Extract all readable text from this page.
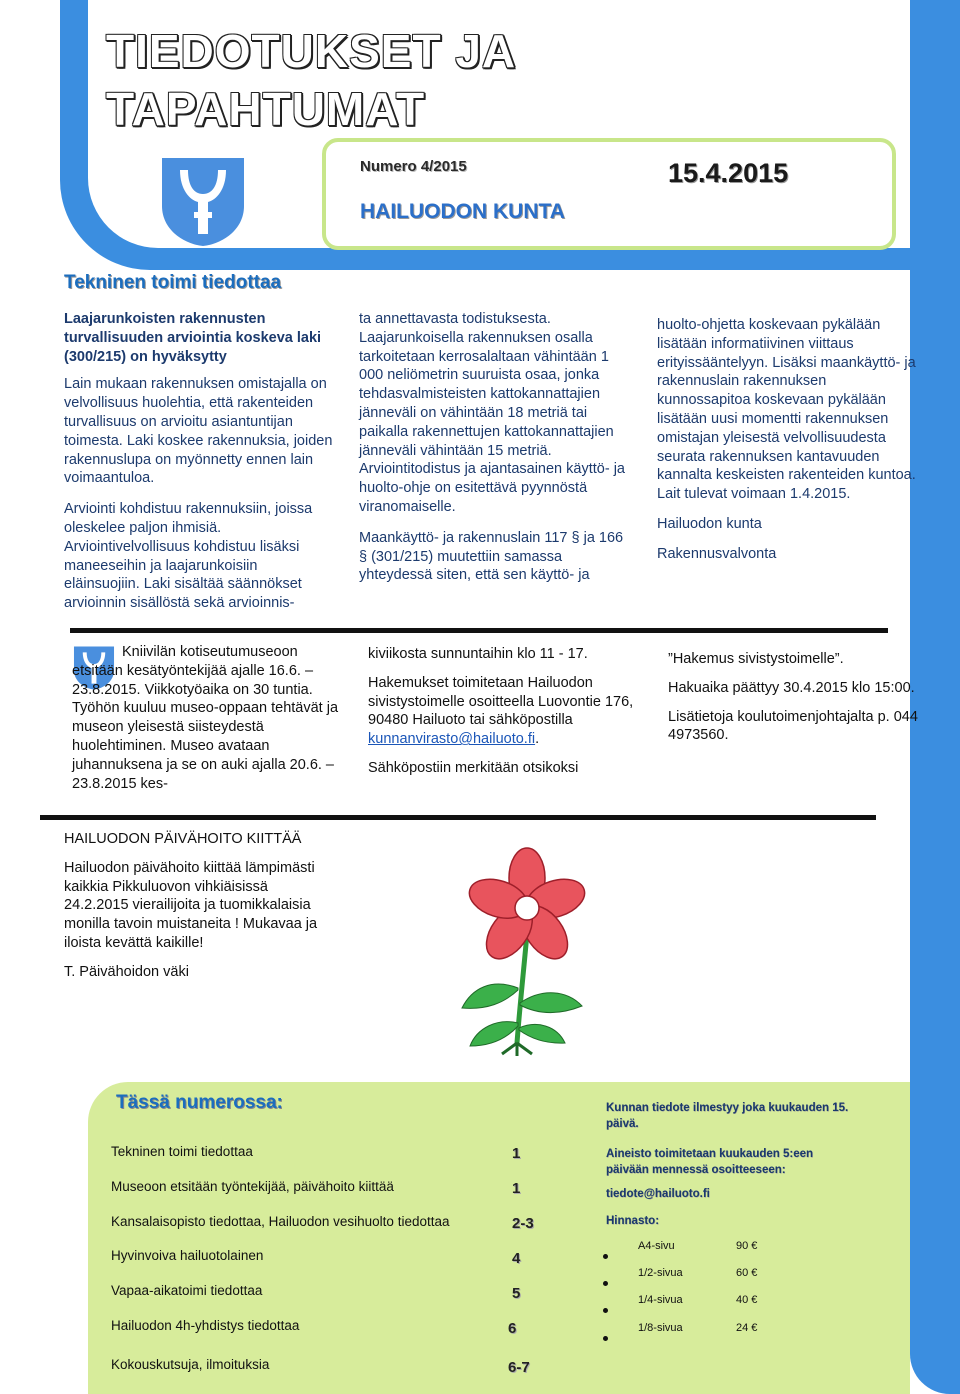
TIEDOTUKSET JA
TAPAHTUMAT
Numero 4/2015	15.4.2015
HAILUODON KUNTA
Tekninen toimi tiedottaa

Laajarunkoisten rakennusten turvallisuuden arviointia koskeva laki (300/215) on hyväksytty

Lain mukaan rakennuksen omistajalla on velvollisuus huolehtia, että rakenteiden turvallisuus on arvioitu asiantuntijan toimesta. Laki koskee rakennuksia, joiden rakennuslupa on myönnetty ennen lain voimaantuloa.

Arviointi kohdistuu rakennuksiin, joissa oleskelee paljon ihmisiä. Arviointivelvollisuus kohdistuu lisäksi maneeseihin ja laajarunkoisiin eläinsuojiin. Laki sisältää säännökset arvioinnin sisällöstä sekä arvioinnis-

ta annettavasta todistuksesta. Laajarunkoisella rakennuksen osalla tarkoitetaan kerrosalaltaan vähintään 1 000 neliömetrin suuruista osaa, jonka tehdasvalmisteisten kattokannattajien jänneväli on vähintään 18 metriä tai paikalla rakennettujen kattokannattajien jänneväli vähintään 15 metriä. Arviointitodistus ja ajantasainen käyttö- ja huolto-ohje on esitettävä pyynnöstä viranomaiselle.

Maankäyttö- ja rakennuslain 117 § ja 166 § (301/215) muutettiin samassa yhteydessä siten, että sen käyttö- ja

huolto-ohjetta koskevaan pykälään lisätään informatiivinen viittaus erityissääntelyyn. Lisäksi maankäyttö- ja rakennuslain rakennuksen kunnossapitoa koskevaan pykälään lisätään uusi momentti rakennuksen omistajan yleisestä velvollisuudesta seurata rakennuksen kantavuuden kannalta keskeisten rakenteiden kuntoa. Lait tulevat voimaan 1.4.2015.

Hailuodon kunta

Rakennusvalvonta

Kniivilän kotiseutumuseoon etsitään kesätyöntekijää ajalle 16.6. – 23.8.2015. Viikkotyöaika on 30 tuntia. Työhön kuuluu museo-oppaan tehtävät ja museon yleisestä siisteydestä huolehtiminen. Museo avataan juhannuksena ja se on auki ajalla 20.6. – 23.8.2015 kes-

kiviikosta sunnuntaihin klo 11 - 17.

Hakemukset toimitetaan Hailuodon sivistystoimelle osoitteella Luovontie 176, 90480 Hailuoto tai sähköpostilla

kunnanvirasto@hailuoto.fi.

Sähköpostiin merkitään otsikoksi

”Hakemus sivistystoimelle”.

Hakuaika päättyy 30.4.2015 klo 15:00.

Lisätietoja koulutoimenjohtajalta p. 044 4973560.

HAILUODON PÄIVÄHOITO KIITTÄÄ

Hailuodon päivähoito kiittää lämpimästi kaikkia Pikkuluovon vihkiäisissä 24.2.2015 vierailijoita ja tuomikkalaisia monilla tavoin muistaneita ! Mukavaa ja iloista kevättä kaikille!

T. Päivähoidon väki

Tässä numerossa:
Tekninen toimi tiedottaa	1
Museoon etsitään työntekijää, päivähoito kiittää	1
Kansalaisopisto tiedottaa, Hailuodon vesihuolto tiedottaa	2-3
Hyvinvoiva hailuotolainen	4
Vapaa-aikatoimi tiedottaa	5
Hailuodon 4h-yhdistys tiedottaa	6
Kokouskutsuja, ilmoituksia	6-7
Kunnan tiedote ilmestyy joka kuukauden 15. päivä.
Aineisto toimitetaan kuukauden 5:een päivään mennessä osoitteeseen:
tiedote@hailuoto.fi
Hinnasto:
A4-sivu	90 €
1/2-sivua	60 €
1/4-sivua	40 €
1/8-sivua	24 €
